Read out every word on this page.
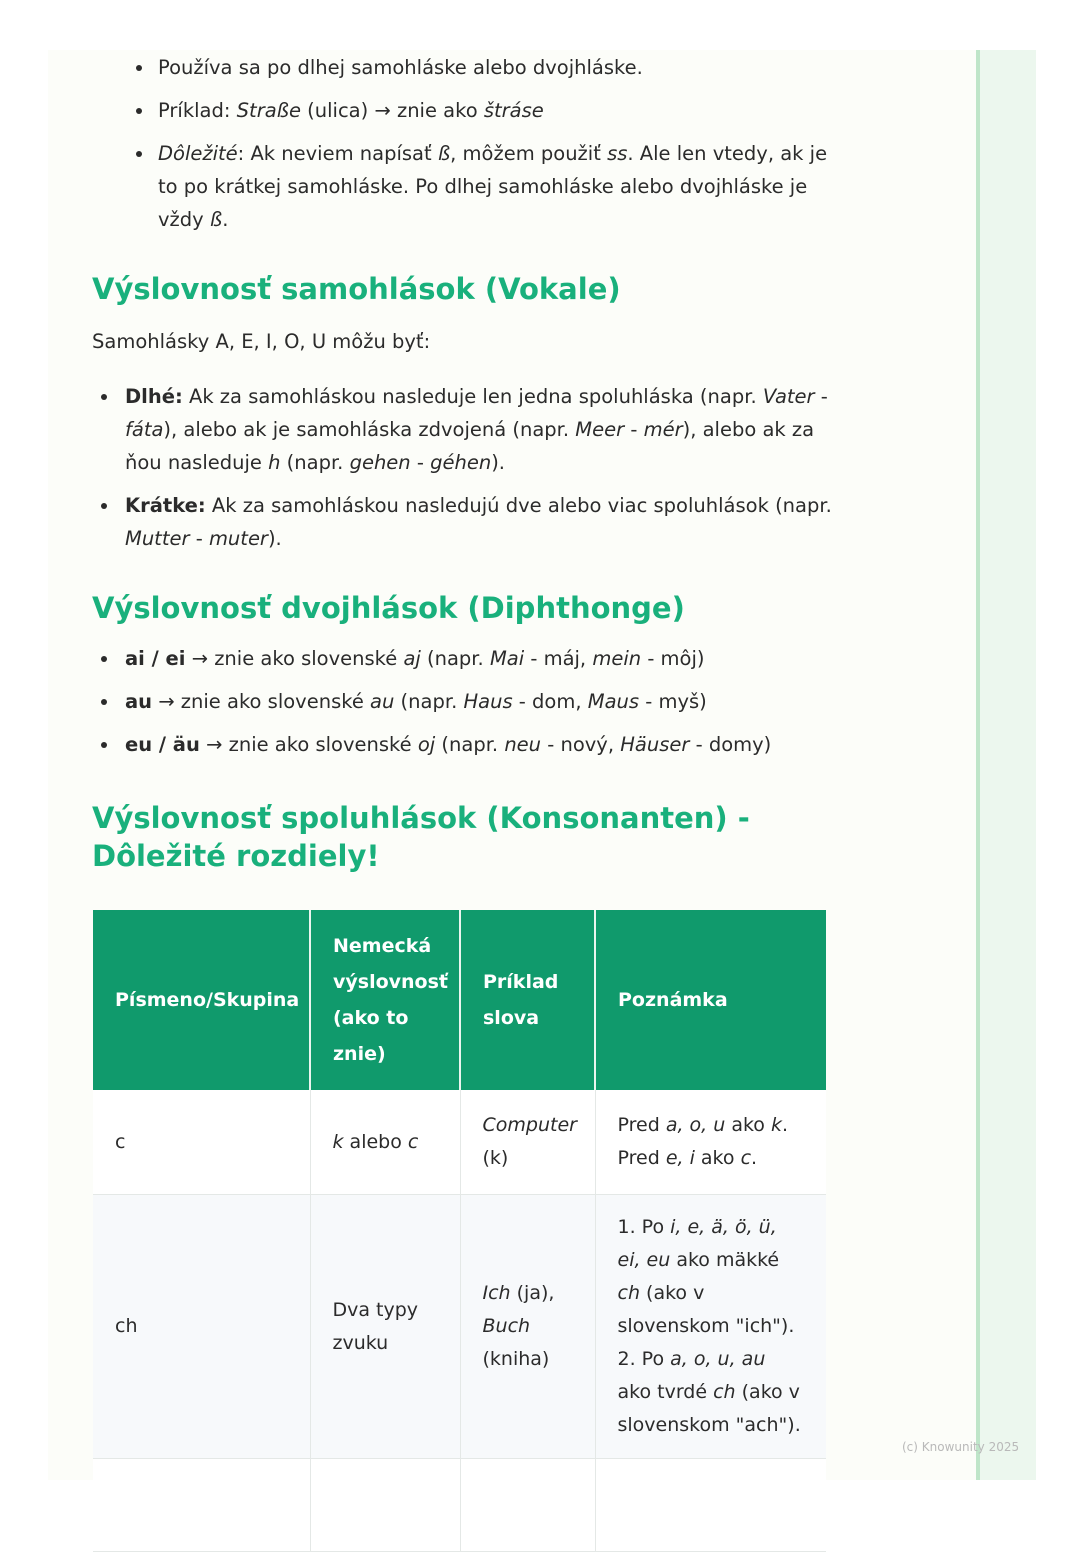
Používa sa po dlhej samohláske alebo dvojhláske.
Príklad: Straße (ulica) → znie ako štráse
Dôležité: Ak neviem napísať ß, môžem použiť ss. Ale len vtedy, ak je to po krátkej samohláske. Po dlhej samohláske alebo dvojhláske je vždy ß.
Výslovnosť samohlások (Vokale)

Samohlásky A, E, I, O, U môžu byť:

Dlhé: Ak za samohláskou nasleduje len jedna spoluhláska (napr. Vater - fáta), alebo ak je samohláska zdvojená (napr. Meer - mér), alebo ak za ňou nasleduje h (napr. gehen - géhen).
Krátke: Ak za samohláskou nasledujú dve alebo viac spoluhlások (napr. Mutter - muter).
Výslovnosť dvojhlások (Diphthonge)
ai / ei → znie ako slovenské aj (napr. Mai - máj, mein - môj)
au → znie ako slovenské au (napr. Haus - dom, Maus - myš)
eu / äu → znie ako slovenské oj (napr. neu - nový, Häuser - domy)
Výslovnosť spoluhlások (Konsonanten) - Dôležité rozdiely!
Písmeno/Skupina	Nemecká výslovnosť (ako to znie)	Príklad slova	Poznámka
c	k alebo c	Computer (k)	Pred a, o, u ako k. Pred e, i ako c.
ch	Dva typy zvuku	Ich (ja), Buch (kniha)	1. Po i, e, ä, ö, ü, ei, eu ako mäkké ch (ako v slovenskom "ich"). 2. Po a, o, u, au ako tvrdé ch (ako v slovenskom "ach").

(c) Knowunity 2025
